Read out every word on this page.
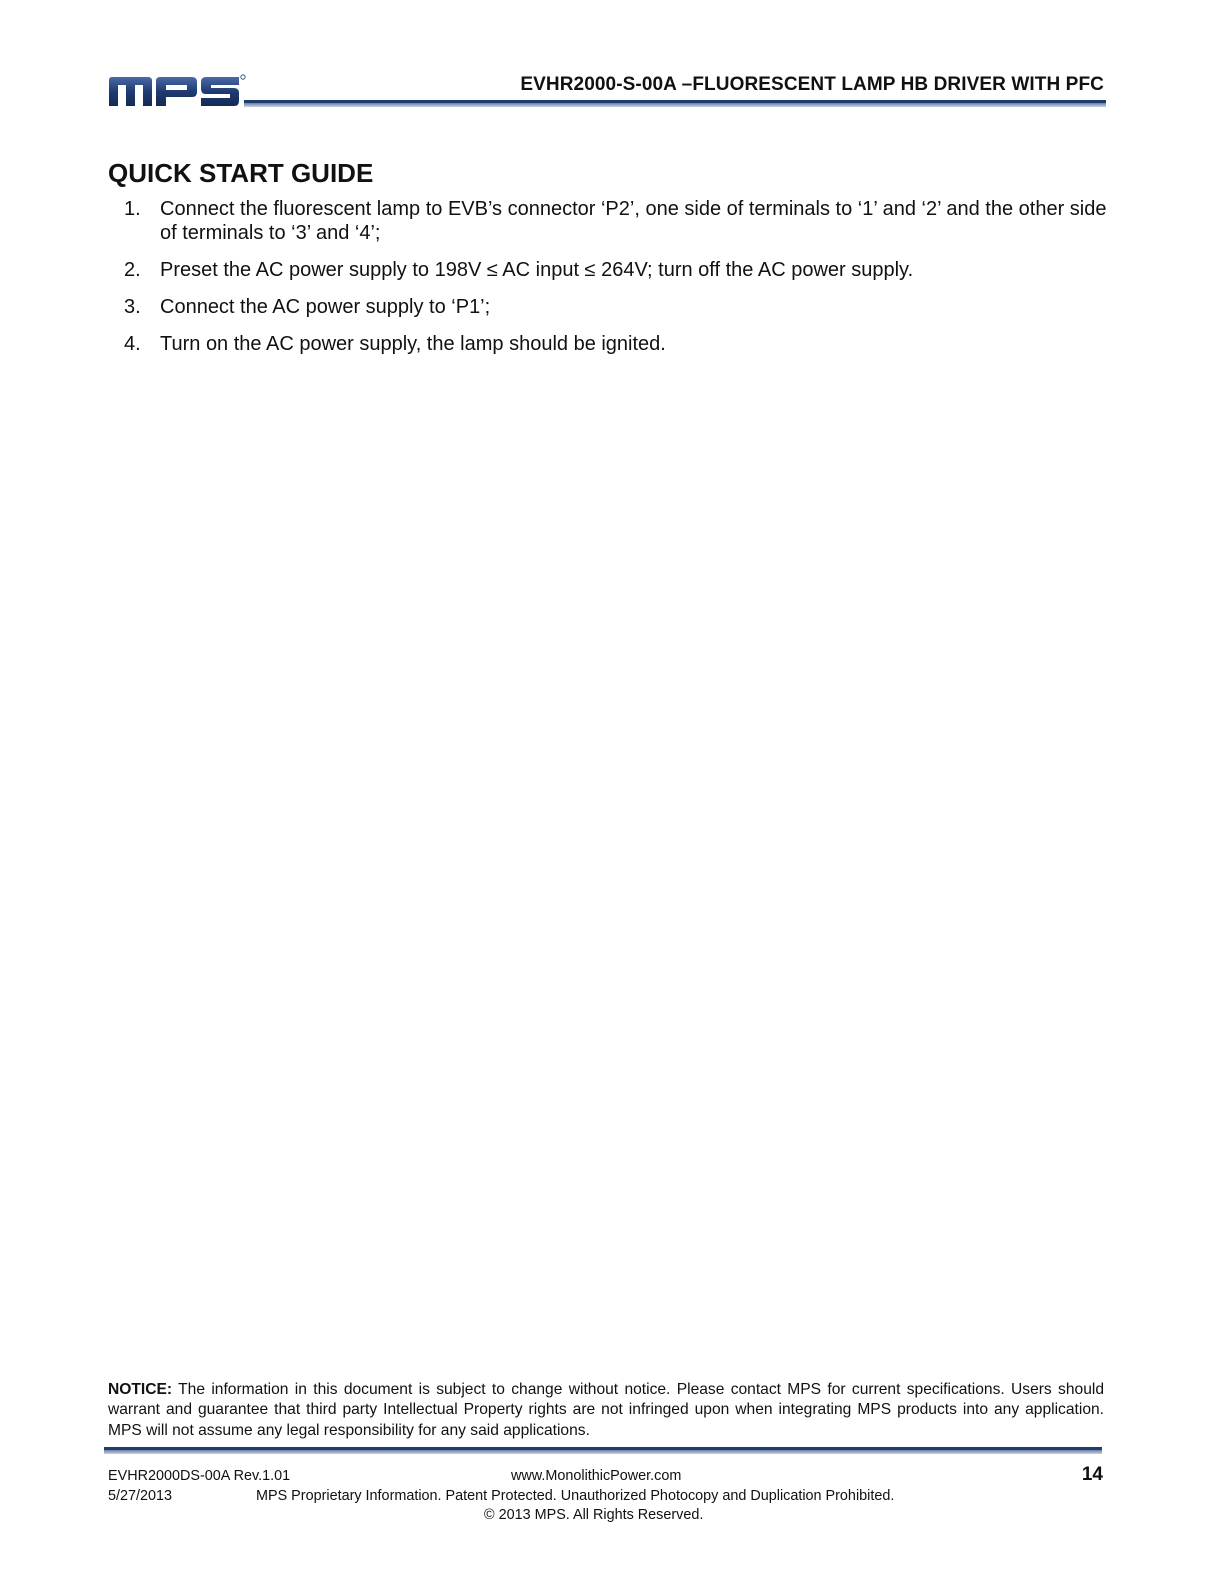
EVHR2000-S-00A –FLUORESCENT LAMP HB DRIVER WITH PFC
QUICK START GUIDE
1. Connect the fluorescent lamp to EVB’s connector ‘P2’, one side of terminals to ‘1’ and ‘2’ and the other side of terminals to ‘3’ and ‘4’;
2. Preset the AC power supply to 198V ≤ AC input ≤ 264V; turn off the AC power supply.
3. Connect the AC power supply to ‘P1’;
4. Turn on the AC power supply, the lamp should be ignited.
NOTICE: The information in this document is subject to change without notice. Please contact MPS for current specifications. Users should warrant and guarantee that third party Intellectual Property rights are not infringed upon when integrating MPS products into any application. MPS will not assume any legal responsibility for any said applications.
EVHR2000DS-00A Rev.1.01	www.MonolithicPower.com	14
5/27/2013	MPS Proprietary Information. Patent Protected. Unauthorized Photocopy and Duplication Prohibited.
© 2013 MPS. All Rights Reserved.
